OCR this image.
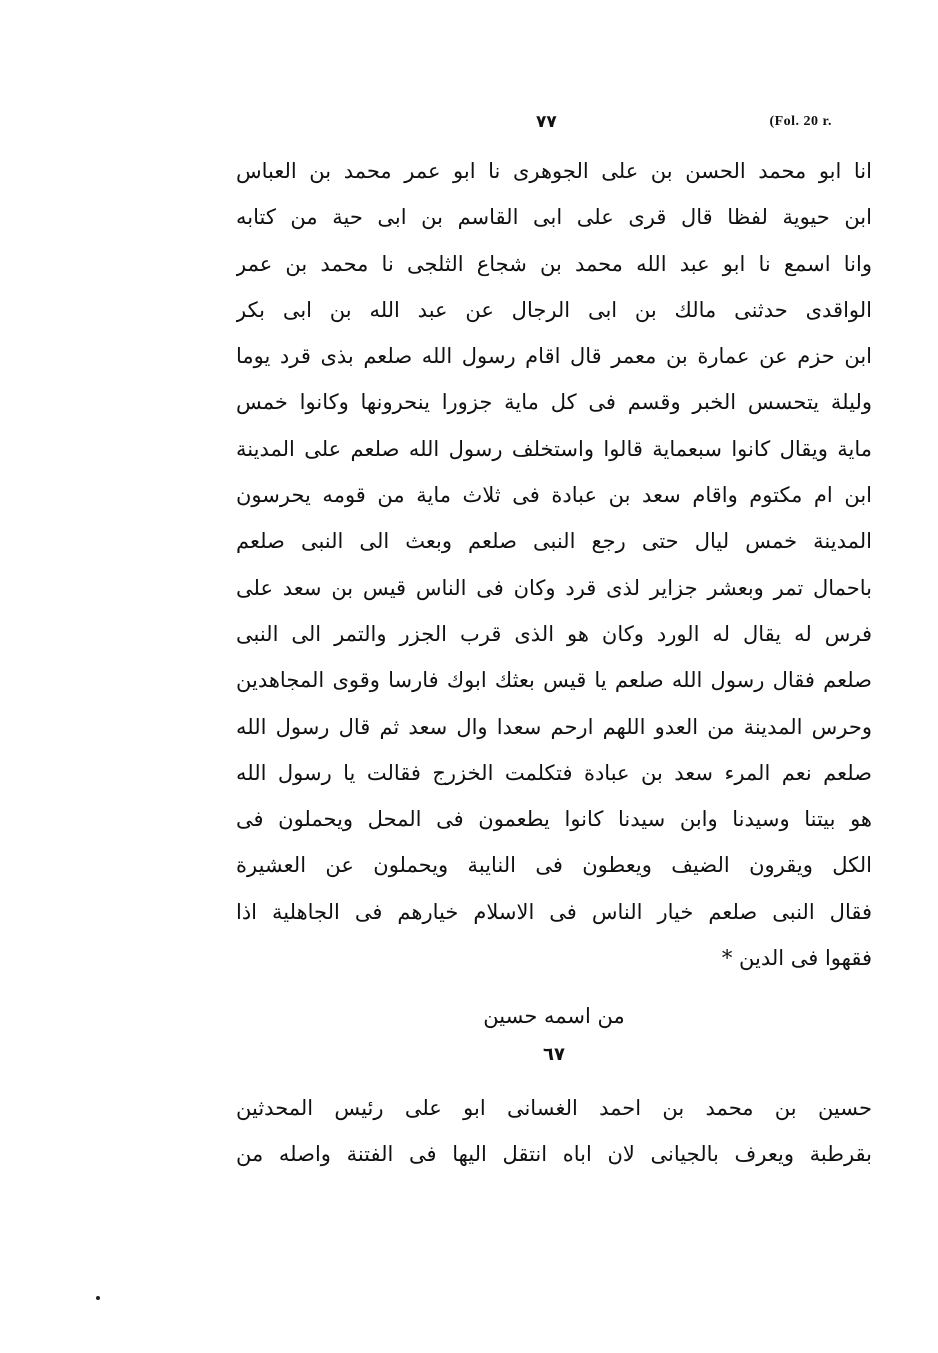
٧٧	(Fol. 20 r.
انا ابو محمد الحسن بن على الجوهرى نا ابو عمر محمد بن العباس
ابن حيوية لفظا قال قرى على ابى القاسم بن ابى حية من كتابه
وانا اسمع نا ابو عبد الله محمد بن شجاع الثلجى نا محمد بن عمر
الواقدى حدثنى مالك بن ابى الرجال عن عبد الله بن ابى بكر
ابن حزم عن عمارة بن معمر قال اقام رسول الله صلعم بذى قرد يوما
وليلة يتحسس الخبر وقسم فى كل ماية جزورا ينحرونها وكانوا خمس
ماية ويقال كانوا سبعماية قالوا واستخلف رسول الله صلعم على المدينة
ابن ام مكتوم واقام سعد بن عبادة فى ثلاث ماية من قومه يحرسون
المدينة خمس ليال حتى رجع النبى صلعم وبعث الى النبى صلعم
باحمال تمر وبعشر جزاير لذى قرد وكان فى الناس قيس بن سعد على
فرس له يقال له الورد وكان هو الذى قرب الجزر والتمر الى النبى
صلعم فقال رسول الله صلعم يا قيس بعثك ابوك فارسا وقوى المجاهدين
وحرس المدينة من العدو اللهم ارحم سعدا وال سعد ثم قال رسول الله
صلعم نعم المرء سعد بن عبادة فتكلمت الخزرج فقالت يا رسول الله
هو بيتنا وسيدنا وابن سيدنا كانوا يطعمون فى المحل ويحملون فى
الكل ويقرون الضيف ويعطون فى النايبة ويحملون عن العشيرة
فقال النبى صلعم خيار الناس فى الاسلام خيارهم فى الجاهلية اذا
فقهوا فى الدين *
من اسمه حسين
٦٧
حسين بن محمد بن احمد الغسانى ابو على رئيس المحدثين
بقرطبة ويعرف بالجيانى لان اباه انتقل اليها فى الفتنة واصله من
